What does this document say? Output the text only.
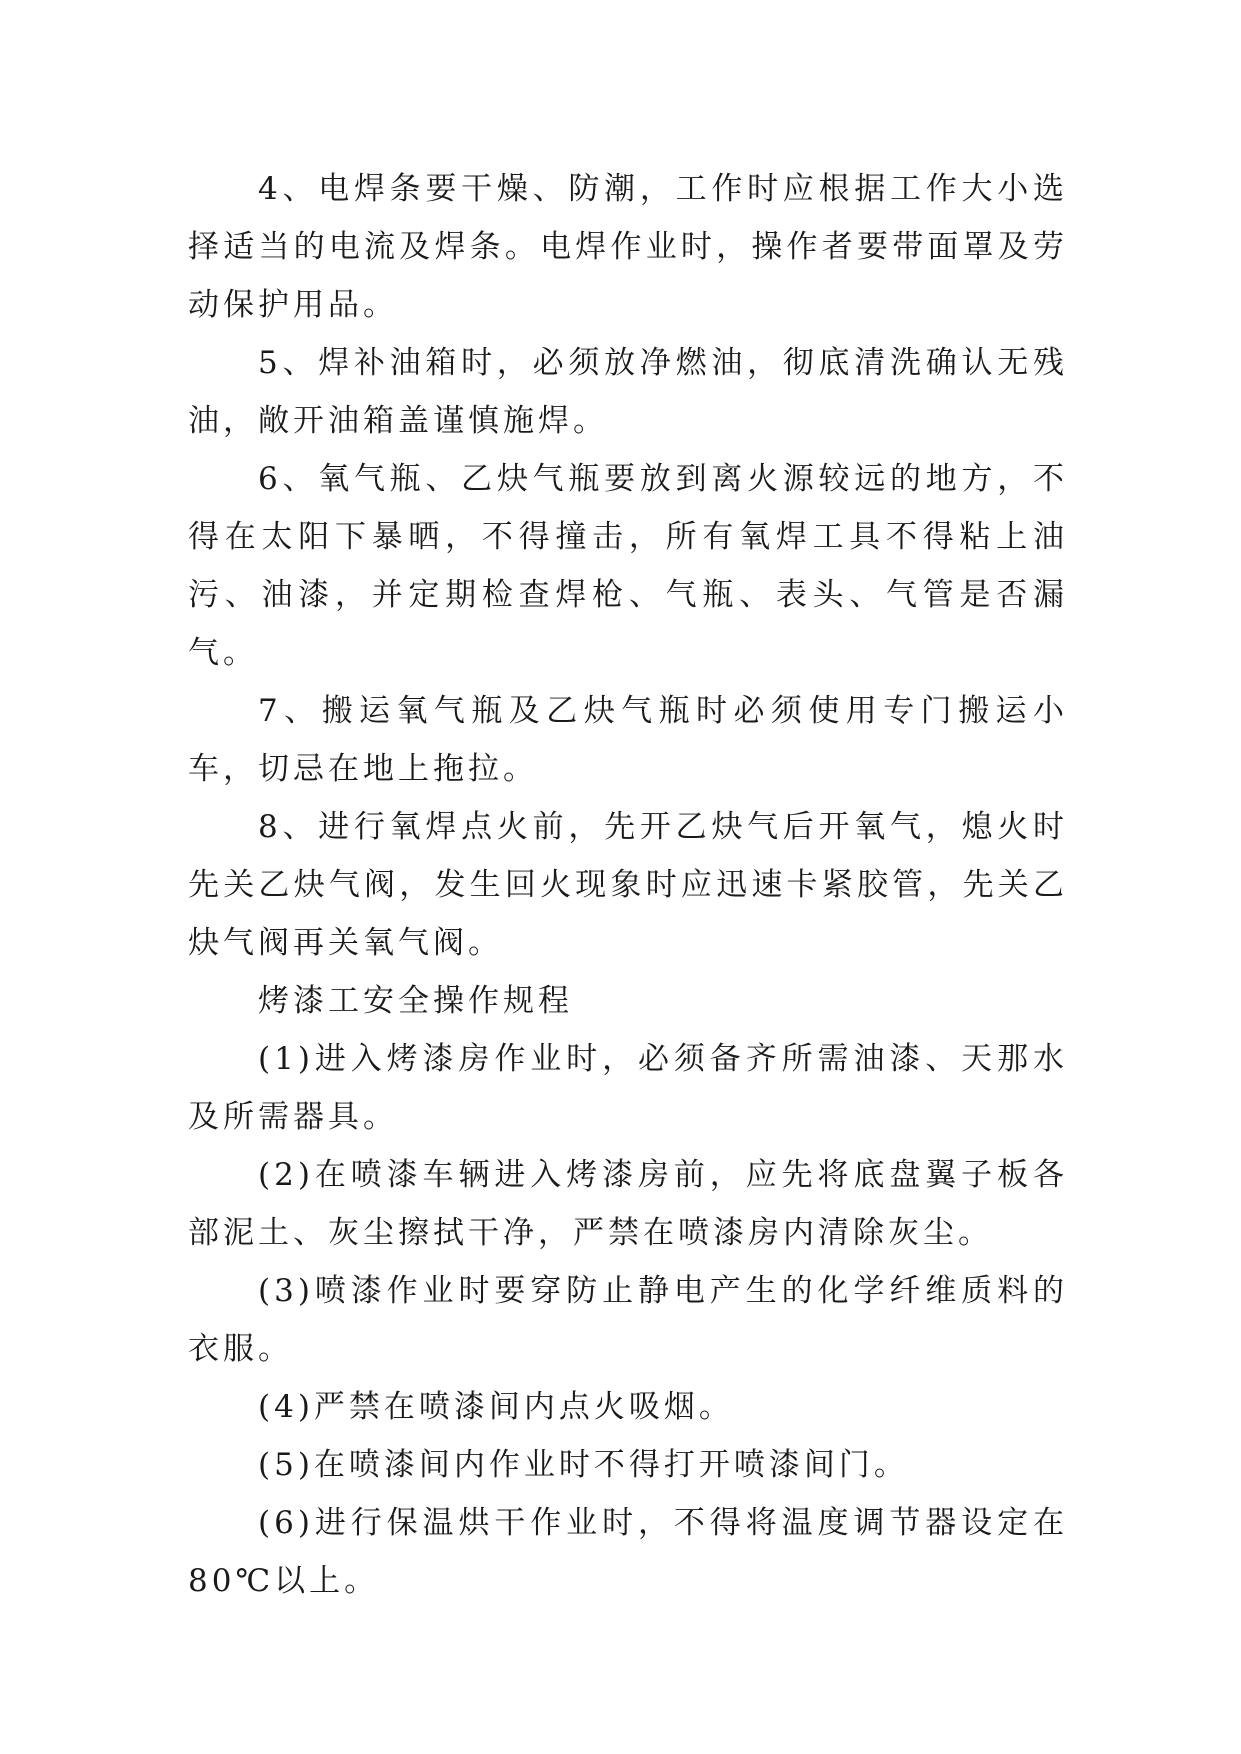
4、电焊条要干燥、防潮，工作时应根据工作大小选择适当的电流及焊条。电焊作业时，操作者要带面罩及劳动保护用品。

5、焊补油箱时，必须放净燃油，彻底清洗确认无残油，敞开油箱盖谨慎施焊。

6、氧气瓶、乙炔气瓶要放到离火源较远的地方，不得在太阳下暴晒，不得撞击，所有氧焊工具不得粘上油污、油漆，并定期检查焊枪、气瓶、表头、气管是否漏气。

7、搬运氧气瓶及乙炔气瓶时必须使用专门搬运小车，切忌在地上拖拉。

8、进行氧焊点火前，先开乙炔气后开氧气，熄火时先关乙炔气阀，发生回火现象时应迅速卡紧胶管，先关乙炔气阀再关氧气阀。

烤漆工安全操作规程

(1)进入烤漆房作业时，必须备齐所需油漆、天那水及所需器具。

(2)在喷漆车辆进入烤漆房前，应先将底盘翼子板各部泥土、灰尘擦拭干净，严禁在喷漆房内清除灰尘。

(3)喷漆作业时要穿防止静电产生的化学纤维质料的衣服。

(4)严禁在喷漆间内点火吸烟。

(5)在喷漆间内作业时不得打开喷漆间门。

(6)进行保温烘干作业时，不得将温度调节器设定在80℃以上。
